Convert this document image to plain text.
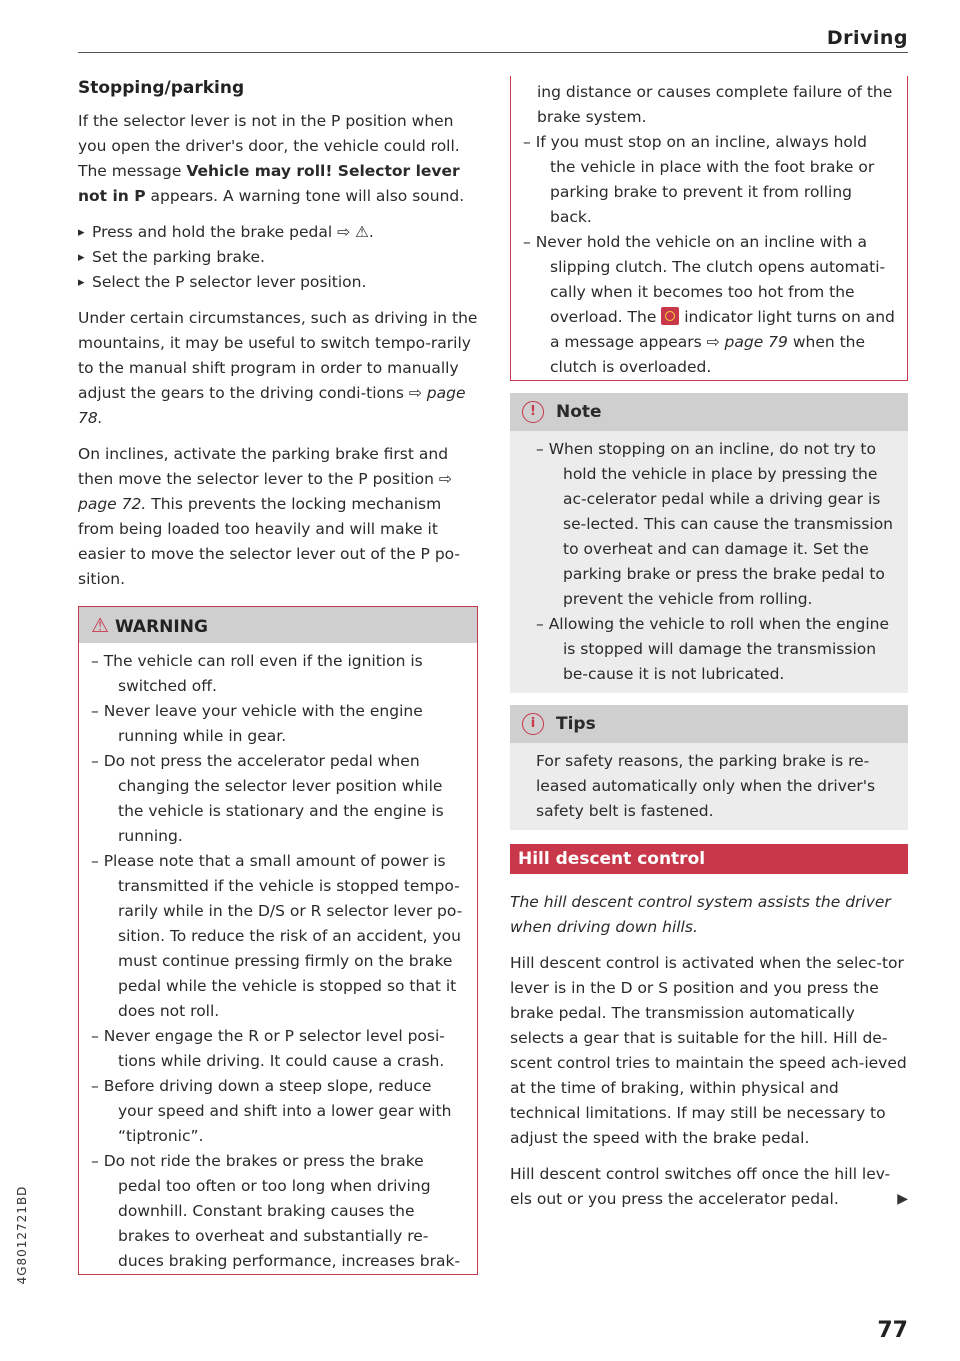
Driving
4G8012721BD
Stopping/parking

If the selector lever is not in the P position when you open the driver's door, the vehicle could roll. The message Vehicle may roll! Selector lever not in P appears. A warning tone will also sound.

▸ Press and hold the brake pedal ⇨ ⚠.
▸ Set the parking brake.
▸ Select the P selector lever position.

Under certain circumstances, such as driving in the mountains, it may be useful to switch tempo-rarily to the manual shift program in order to manually adjust the gears to the driving condi-tions ⇨ page 78.

On inclines, activate the parking brake first and then move the selector lever to the P position ⇨ page 72. This prevents the locking mechanism from being loaded too heavily and will make it easier to move the selector lever out of the P po-sition.

⚠ WARNING
– The vehicle can roll even if the ignition is switched off.
– Never leave your vehicle with the engine running while in gear.
– Do not press the accelerator pedal when changing the selector lever position while the vehicle is stationary and the engine is running.
– Please note that a small amount of power is transmitted if the vehicle is stopped tempo-rarily while in the D/S or R selector lever po-sition. To reduce the risk of an accident, you must continue pressing firmly on the brake pedal while the vehicle is stopped so that it does not roll.
– Never engage the R or P selector level posi-tions while driving. It could cause a crash.
– Before driving down a steep slope, reduce your speed and shift into a lower gear with “tiptronic”.
– Do not ride the brakes or press the brake pedal too often or too long when driving downhill. Constant braking causes the brakes to overheat and substantially re-duces braking performance, increases brak-
ing distance or causes complete failure of the brake system.
– If you must stop on an incline, always hold the vehicle in place with the foot brake or parking brake to prevent it from rolling back.
– Never hold the vehicle on an incline with a slipping clutch. The clutch opens automati-cally when it becomes too hot from the overload. The  indicator light turns on and a message appears ⇨ page 79 when the clutch is overloaded.
! Note
– When stopping on an incline, do not try to hold the vehicle in place by pressing the ac-celerator pedal while a driving gear is se-lected. This can cause the transmission to overheat and can damage it. Set the parking brake or press the brake pedal to prevent the vehicle from rolling.
– Allowing the vehicle to roll when the engine is stopped will damage the transmission be-cause it is not lubricated.
i Tips
For safety reasons, the parking brake is re-leased automatically only when the driver's safety belt is fastened.
Hill descent control

The hill descent control system assists the driver when driving down hills.

Hill descent control is activated when the selec-tor lever is in the D or S position and you press the brake pedal. The transmission automatically selects a gear that is suitable for the hill. Hill de-scent control tries to maintain the speed ach-ieved at the time of braking, within physical and technical limitations. If may still be necessary to adjust the speed with the brake pedal.

Hill descent control switches off once the hill lev-els out or you press the accelerator pedal.	▶

77
